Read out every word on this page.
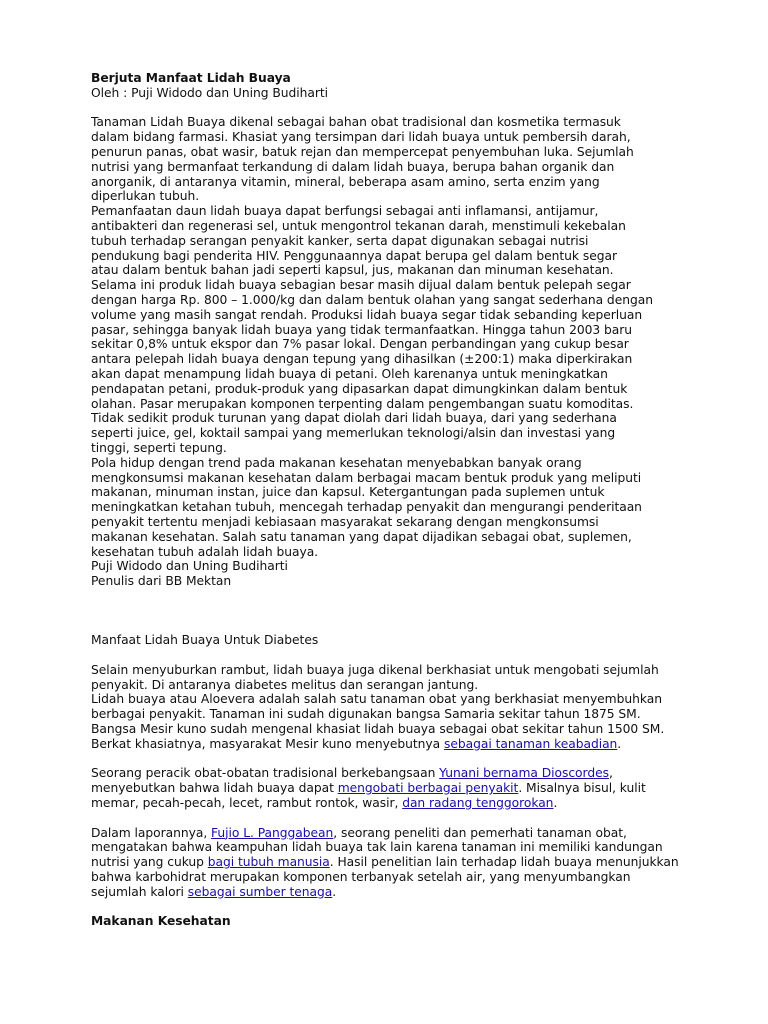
Berjuta Manfaat Lidah Buaya
Oleh : Puji Widodo dan Uning Budiharti
Tanaman Lidah Buaya dikenal sebagai bahan obat tradisional dan kosmetika termasuk
dalam bidang farmasi. Khasiat yang tersimpan dari lidah buaya untuk pembersih darah,
penurun panas, obat wasir, batuk rejan dan mempercepat penyembuhan luka. Sejumlah
nutrisi yang bermanfaat terkandung di dalam lidah buaya, berupa bahan organik dan
anorganik, di antaranya vitamin, mineral, beberapa asam amino, serta enzim yang
diperlukan tubuh.
Pemanfaatan daun lidah buaya dapat berfungsi sebagai anti inflamansi, antijamur,
antibakteri dan regenerasi sel, untuk mengontrol tekanan darah, menstimuli kekebalan
tubuh terhadap serangan penyakit kanker, serta dapat digunakan sebagai nutrisi
pendukung bagi penderita HIV. Penggunaannya dapat berupa gel dalam bentuk segar
atau dalam bentuk bahan jadi seperti kapsul, jus, makanan dan minuman kesehatan.
Selama ini produk lidah buaya sebagian besar masih dijual dalam bentuk pelepah segar
dengan harga Rp. 800 – 1.000/kg dan dalam bentuk olahan yang sangat sederhana dengan
volume yang masih sangat rendah. Produksi lidah buaya segar tidak sebanding keperluan
pasar, sehingga banyak lidah buaya yang tidak termanfaatkan. Hingga tahun 2003 baru
sekitar 0,8% untuk ekspor dan 7% pasar lokal. Dengan perbandingan yang cukup besar
antara pelepah lidah buaya dengan tepung yang dihasilkan (±200:1) maka diperkirakan
akan dapat menampung lidah buaya di petani. Oleh karenanya untuk meningkatkan
pendapatan petani, produk-produk yang dipasarkan dapat dimungkinkan dalam bentuk
olahan. Pasar merupakan komponen terpenting dalam pengembangan suatu komoditas.
Tidak sedikit produk turunan yang dapat diolah dari lidah buaya, dari yang sederhana
seperti juice, gel, koktail sampai yang memerlukan teknologi/alsin dan investasi yang
tinggi, seperti tepung.
Pola hidup dengan trend pada makanan kesehatan menyebabkan banyak orang
mengkonsumsi makanan kesehatan dalam berbagai macam bentuk produk yang meliputi
makanan, minuman instan, juice dan kapsul. Ketergantungan pada suplemen untuk
meningkatkan ketahan tubuh, mencegah terhadap penyakit dan mengurangi penderitaan
penyakit tertentu menjadi kebiasaan masyarakat sekarang dengan mengkonsumsi
makanan kesehatan. Salah satu tanaman yang dapat dijadikan sebagai obat, suplemen,
kesehatan tubuh adalah lidah buaya.
Puji Widodo dan Uning Budiharti
Penulis dari BB Mektan
Manfaat Lidah Buaya Untuk Diabetes
Selain menyuburkan rambut, lidah buaya juga dikenal berkhasiat untuk mengobati sejumlah
penyakit. Di antaranya diabetes melitus dan serangan jantung.
Lidah buaya atau Aloevera adalah salah satu tanaman obat yang berkhasiat menyembuhkan
berbagai penyakit. Tanaman ini sudah digunakan bangsa Samaria sekitar tahun 1875 SM.
Bangsa Mesir kuno sudah mengenal khasiat lidah buaya sebagai obat sekitar tahun 1500 SM.
Berkat khasiatnya, masyarakat Mesir kuno menyebutnya sebagai tanaman keabadian.
Seorang peracik obat-obatan tradisional berkebangsaan Yunani bernama Dioscordes,
menyebutkan bahwa lidah buaya dapat mengobati berbagai penyakit. Misalnya bisul, kulit
memar, pecah-pecah, lecet, rambut rontok, wasir, dan radang tenggorokan.
Dalam laporannya, Fujio L. Panggabean, seorang peneliti dan pemerhati tanaman obat,
mengatakan bahwa keampuhan lidah buaya tak lain karena tanaman ini memiliki kandungan
nutrisi yang cukup bagi tubuh manusia. Hasil penelitian lain terhadap lidah buaya menunjukkan
bahwa karbohidrat merupakan komponen terbanyak setelah air, yang menyumbangkan
sejumlah kalori sebagai sumber tenaga.
Makanan Kesehatan
